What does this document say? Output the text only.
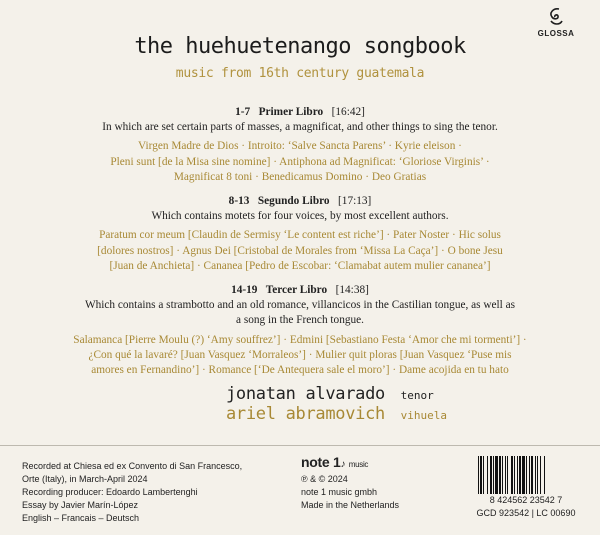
GLOSSA
the huehuetenango songbook
music from 16th century guatemala
1-7 Primer Libro [16:42]
In which are set certain parts of masses, a magnificat, and other things to sing the tenor.
Virgen Madre de Dios · Introito: ‘Salve Sancta Parens’ · Kyrie eleison ·
Pleni sunt [de la Misa sine nomine] · Antiphona ad Magnificat: ‘Gloriose Virginis’ ·
Magnificat 8 toni · Benedicamus Domino · Deo Gratias
8-13 Segundo Libro [17:13]
Which contains motets for four voices, by most excellent authors.
Paratum cor meum [Claudin de Sermisy ‘Le content est riche’] · Pater Noster · Hic solus
[dolores nostros] · Agnus Dei [Cristobal de Morales from ‘Missa La Caça’] · O bone Jesu
[Juan de Anchieta] · Cananea [Pedro de Escobar: ‘Clamabat autem mulier cananea’]
14-19 Tercer Libro [14:38]
Which contains a strambotto and an old romance, villancicos in the Castilian tongue, as well as a song in the French tongue.
Salamanca [Pierre Moulu (?) ‘Amy souffrez’] · Edmini [Sebastiano Festa ‘Amor che mi tormenti’] ·
¿Con qué la lavaré? [Juan Vasquez ‘Morraleos’] · Mulier quit ploras [Juan Vasquez ‘Puse mis
amores en Fernandino’] · Romance [‘De Antequera sale el moro’] · Dame acojida en tu hato
jonatan alvarado tenor
ariel abramovich vihuela
Recorded at Chiesa ed ex Convento di San Francesco,
Orte (Italy), in March-April 2024
Recording producer: Edoardo Lambertenghi
Essay by Javier Marín-López
English – Francais – Deutsch
note 1♪ music
℗ & © 2024
note 1 music gmbh
Made in the Netherlands	8 424562 23542 7
GCD 923542 | LC 00690
